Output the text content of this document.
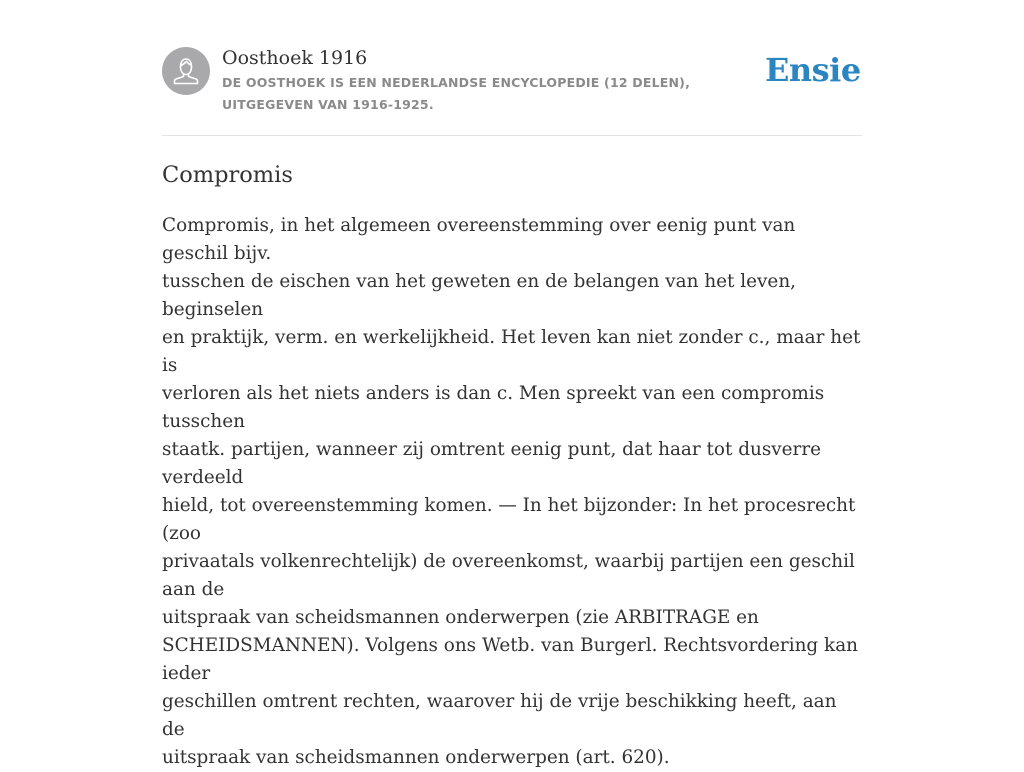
Oosthoek 1916
DE OOSTHOEK IS EEN NEDERLANDSE ENCYCLOPEDIE (12 DELEN), UITGEGEVEN VAN 1916-1925.
Ensie
Compromis

Compromis, in het algemeen overeenstemming over eenig punt van geschil bijv.
tusschen de eischen van het geweten en de belangen van het leven, beginselen
en praktijk, verm. en werkelijkheid. Het leven kan niet zonder c., maar het is
verloren als het niets anders is dan c. Men spreekt van een compromis tusschen
staatk. partijen, wanneer zij omtrent eenig punt, dat haar tot dusverre verdeeld
hield, tot overeenstemming komen. — In het bijzonder: In het procesrecht (zoo
privaatals volkenrechtelijk) de overeenkomst, waarbij partijen een geschil aan de
uitspraak van scheidsmannen onderwerpen (zie ARBITRAGE en
SCHEIDSMANNEN). Volgens ons Wetb. van Burgerl. Rechtsvordering kan ieder
geschillen omtrent rechten, waarover hij de vrije beschikking heeft, aan de
uitspraak van scheidsmannen onderwerpen (art. 620).
